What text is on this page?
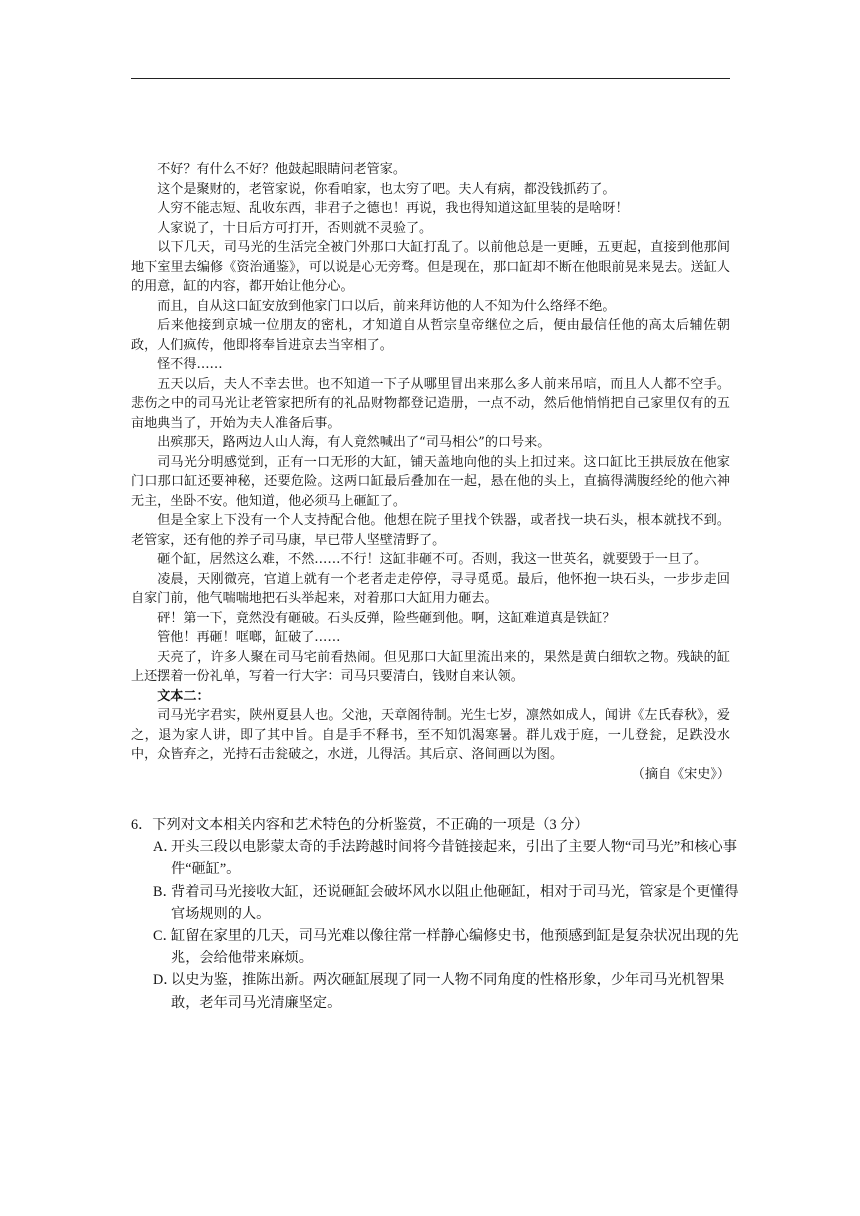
不好？有什么不好？他鼓起眼睛问老管家。

这个是聚财的，老管家说，你看咱家，也太穷了吧。夫人有病，都没钱抓药了。

人穷不能志短、乱收东西，非君子之德也！再说，我也得知道这缸里装的是啥呀！

人家说了，十日后方可打开，否则就不灵验了。

以下几天，司马光的生活完全被门外那口大缸打乱了。以前他总是一更睡，五更起，直接到他那间地下室里去编修《资治通鉴》，可以说是心无旁骛。但是现在，那口缸却不断在他眼前晃来晃去。送缸人的用意，缸的内容，都开始让他分心。

而且，自从这口缸安放到他家门口以后，前来拜访他的人不知为什么络绎不绝。

后来他接到京城一位朋友的密札，才知道自从哲宗皇帝继位之后，便由最信任他的高太后辅佐朝政，人们疯传，他即将奉旨进京去当宰相了。

怪不得……

五天以后，夫人不幸去世。也不知道一下子从哪里冒出来那么多人前来吊唁，而且人人都不空手。悲伤之中的司马光让老管家把所有的礼品财物都登记造册，一点不动，然后他悄悄把自己家里仅有的五亩地典当了，开始为夫人准备后事。

出殡那天，路两边人山人海，有人竟然喊出了“司马相公”的口号来。

司马光分明感觉到，正有一口无形的大缸，铺天盖地向他的头上扣过来。这口缸比王拱辰放在他家门口那口缸还要神秘，还要危险。这两口缸最后叠加在一起，悬在他的头上，直搞得满腹经纶的他六神无主，坐卧不安。他知道，他必须马上砸缸了。

但是全家上下没有一个人支持配合他。他想在院子里找个铁器，或者找一块石头，根本就找不到。老管家，还有他的养子司马康，早已带人坚壁清野了。

砸个缸，居然这么难，不然……不行！这缸非砸不可。否则，我这一世英名，就要毁于一旦了。

凌晨，天刚微亮，官道上就有一个老者走走停停，寻寻觅觅。最后，他怀抱一块石头，一步步走回自家门前，他气喘喘地把石头举起来，对着那口大缸用力砸去。

砰！第一下，竟然没有砸破。石头反弹，险些砸到他。啊，这缸难道真是铁缸？

管他！再砸！哐啷，缸破了……

天亮了，许多人聚在司马宅前看热闹。但见那口大缸里流出来的，果然是黄白细软之物。残缺的缸上还摆着一份礼单，写着一行大字：司马只要清白，钱财自来认领。

文本二：

司马光字君实，陕州夏县人也。父池，天章阁待制。光生七岁，凛然如成人，闻讲《左氏春秋》，爱之，退为家人讲，即了其中旨。自是手不释书，至不知饥渴寒暑。群儿戏于庭，一儿登瓮，足跌没水中，众皆弃之，光持石击瓮破之，水迸，儿得活。其后京、洛间画以为图。

（摘自《宋史》）

6．下列对文本相关内容和艺术特色的分析鉴赏，不正确的一项是（3 分）

A．
开头三段以电影蒙太奇的手法跨越时间将今昔链接起来，引出了主要人物“司马光”和核心事件“砸缸”。
B．
背着司马光接收大缸，还说砸缸会破坏风水以阻止他砸缸，相对于司马光，管家是个更懂得官场规则的人。
C．
缸留在家里的几天，司马光难以像往常一样静心编修史书，他预感到缸是复杂状况出现的先兆，会给他带来麻烦。
D．
以史为鉴，推陈出新。两次砸缸展现了同一人物不同角度的性格形象，少年司马光机智果敢，老年司马光清廉坚定。
